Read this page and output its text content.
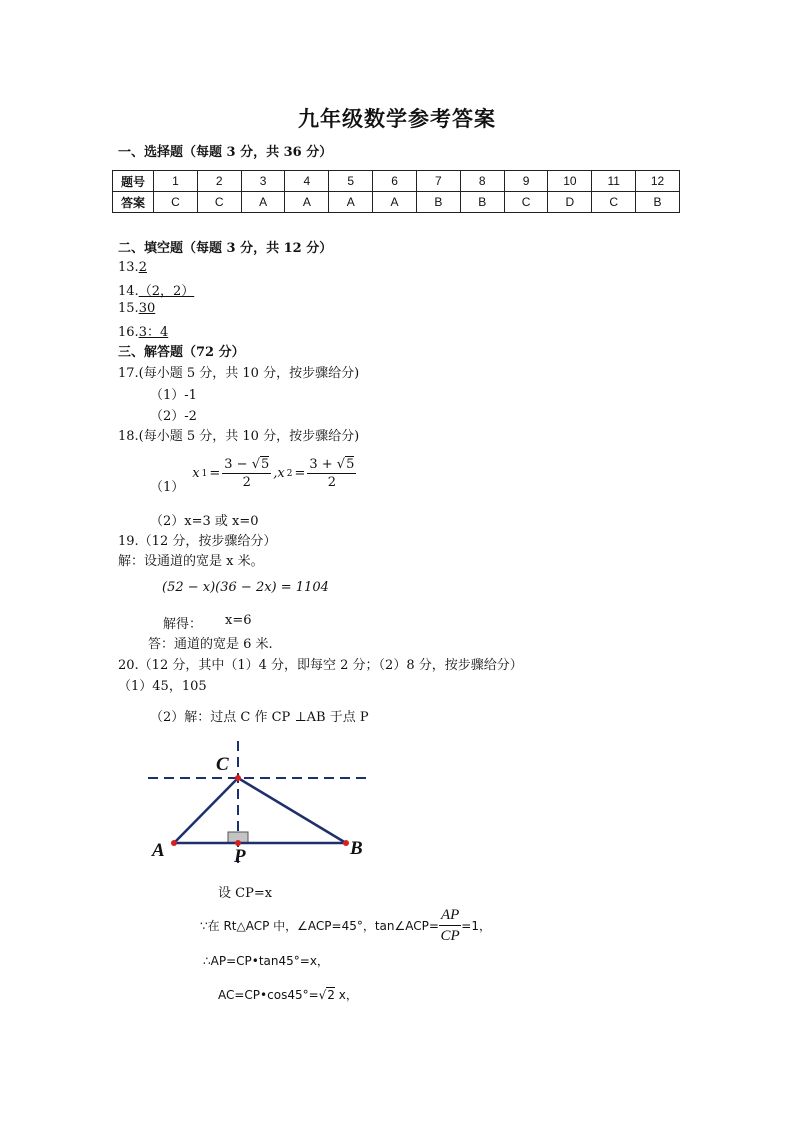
九年级数学参考答案
一、选择题（每题 3 分，共 36 分）
题号	1	2	3	4	5	6	7	8	9	10	11	12
答案	C	C	A	A	A	A	B	B	C	D	C	B
二、填空题（每题 3 分，共 12 分）
13.2
14.（2，2）
15.30
16.3：4
三、解答题（72 分）
17.(每小题 5 分，共 10 分，按步骤给分)
（1）-1
（2）-2
18.(每小题 5 分，共 10 分，按步骤给分)
（1）
x $1 = \frac{3 - √5}{2} ,x$ $2 = \frac{3 + √5}{2}$
（2）x=3 或 x=0
19.（12 分，按步骤给分）
解：设通道的宽是 x 米。
(52 − x)(36 − 2x) = 1104
解得： x=6
答：通道的宽是 6 米.
20.（12 分，其中（1）4 分，即每空 2 分；（2）8 分，按步骤给分）
（1）45，105
（2）解：过点 C 作 CP ⊥AB 于点 P
C
A	P	B
设 CP=x
∵在 Rt△ACP 中，∠ACP=45°，tan∠ACP= $\frac{AP}{CP} =1$，
∴AP=CP•tan45°=x，
AC=CP•cos45°=√2 x，
